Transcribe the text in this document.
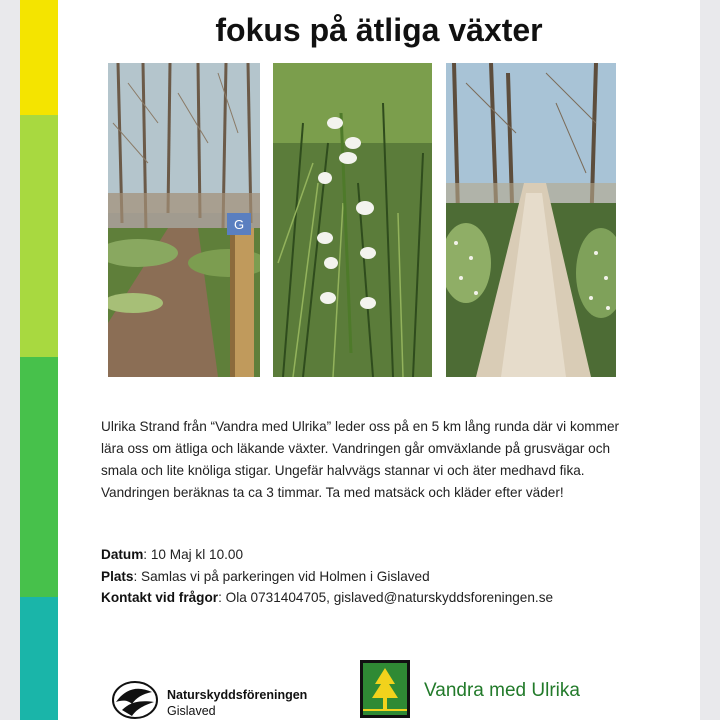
fokus på ätliga växter
G

Ulrika Strand från “Vandra med Ulrika” leder oss på en 5 km lång runda där vi kommer lära oss om ätliga och läkande växter. Vandringen går omväxlande på grusvägar och smala och lite knöliga stigar. Ungefär halvvägs stannar vi och äter medhavd fika. Vandringen beräknas ta ca 3 timmar. Ta med matsäck och kläder efter väder!

Datum: 10 Maj kl 10.00
Plats: Samlas vi på parkeringen vid Holmen i Gislaved
Kontakt vid frågor: Ola 0731404705, gislaved@naturskyddsforeningen.se
Naturskyddsföreningen
Gislaved
Vandra med Ulrika
